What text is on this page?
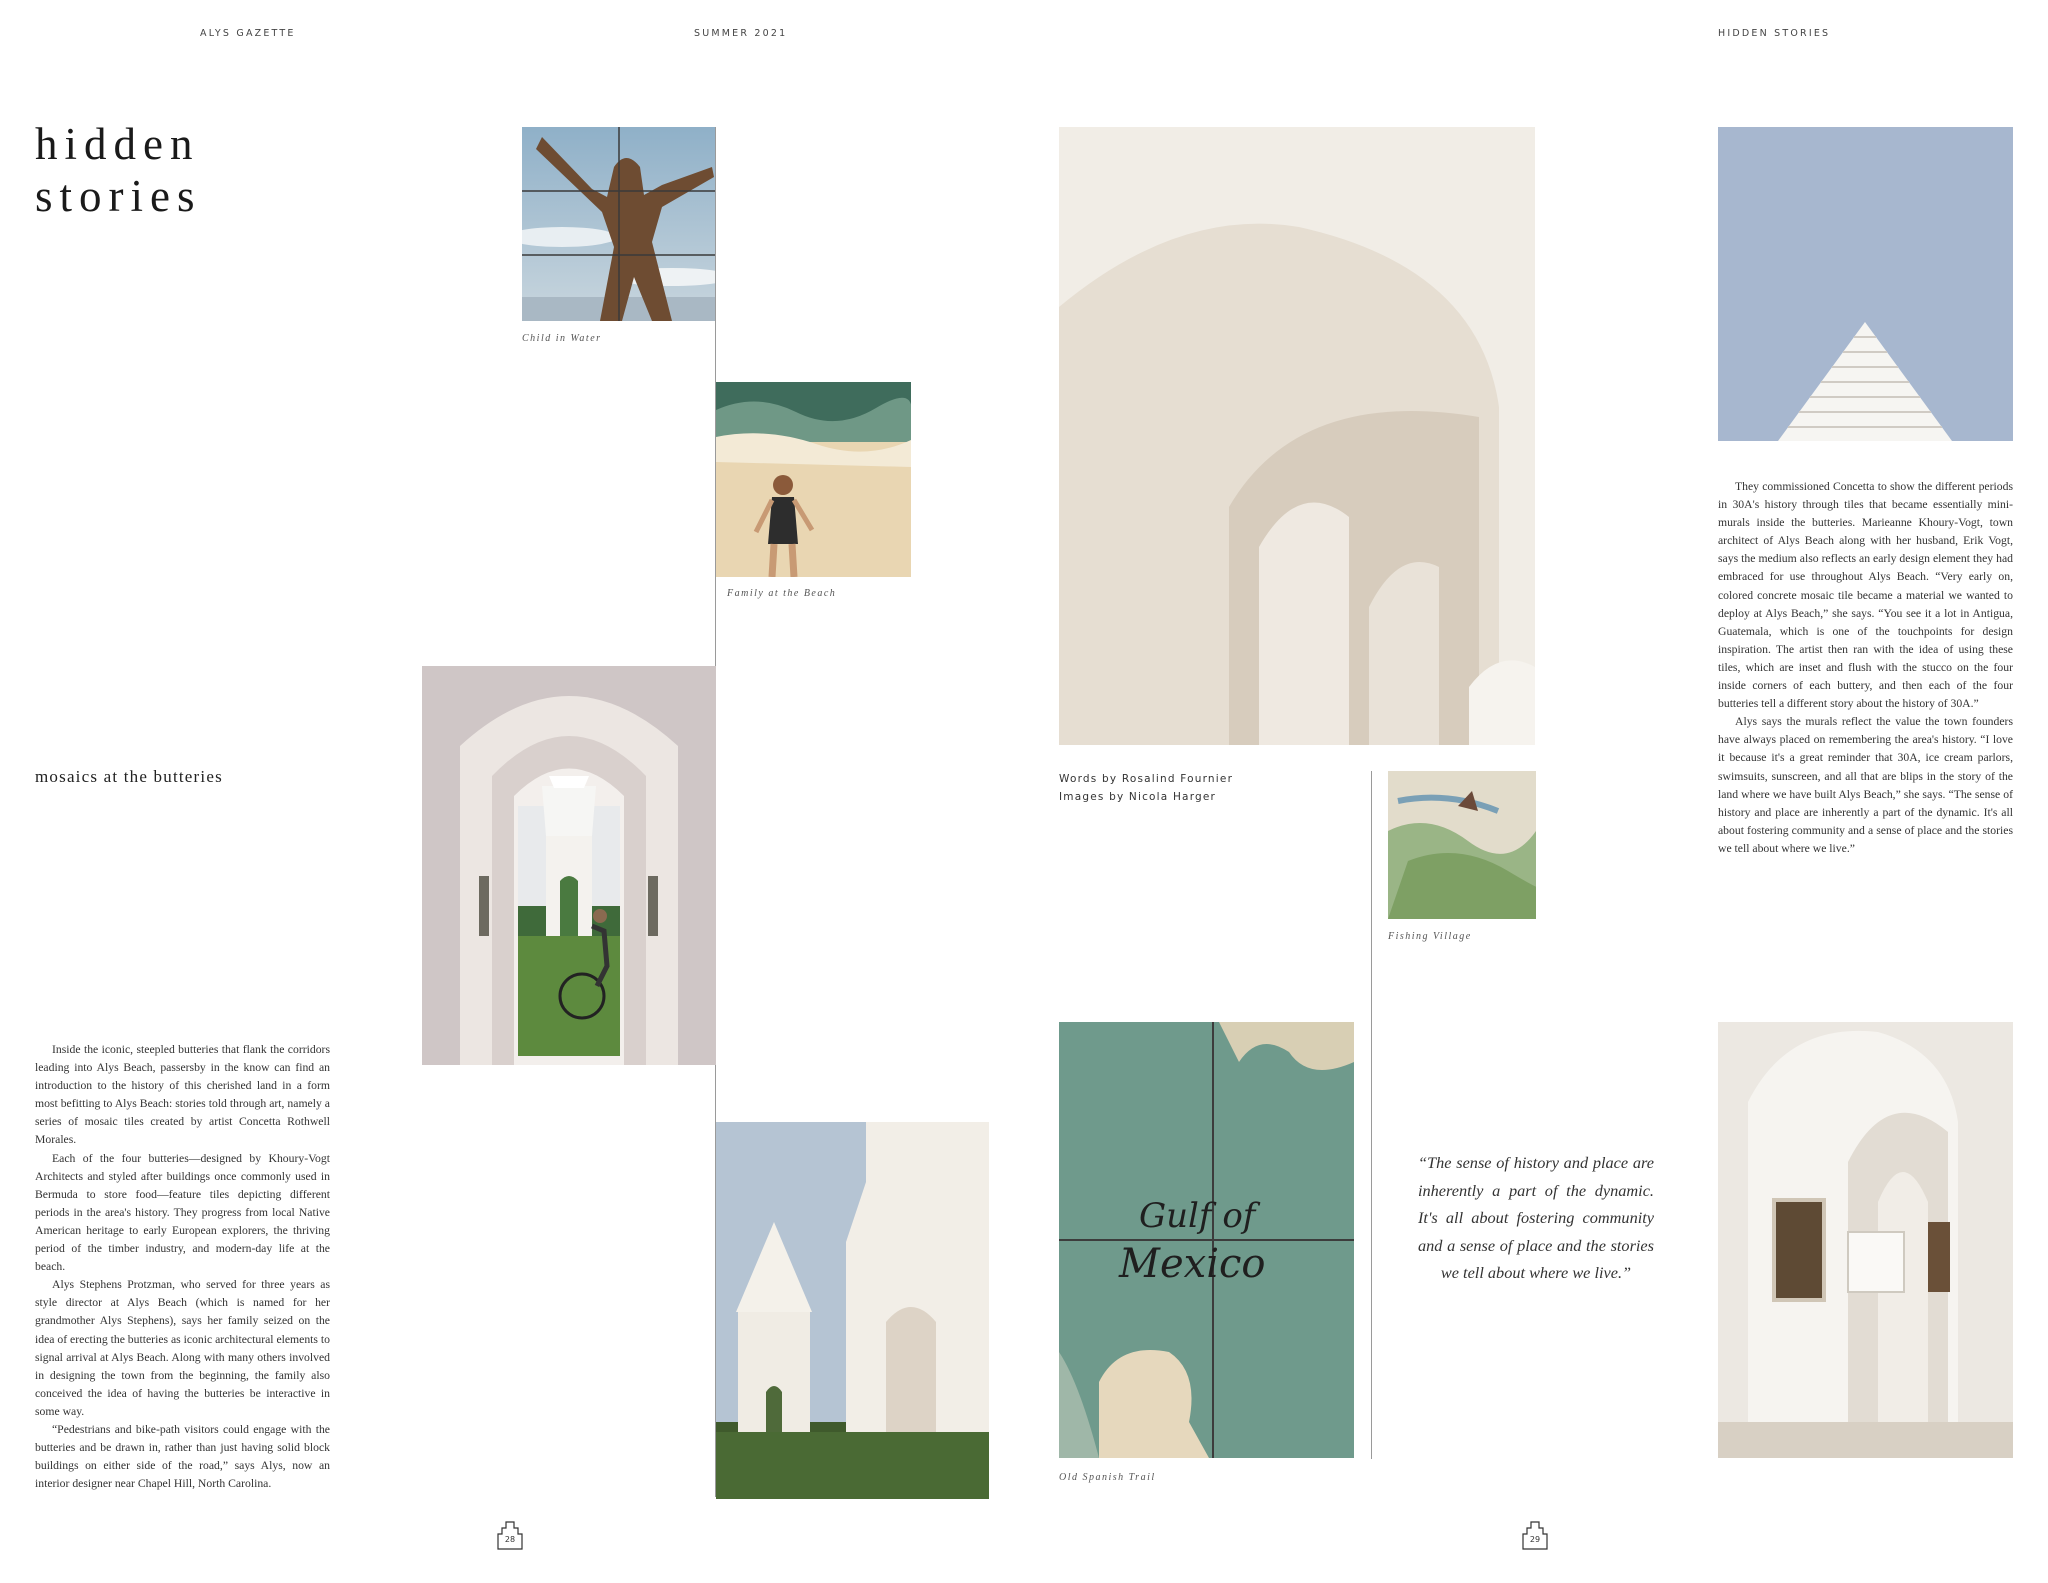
ALYS GAZETTE	SUMMER 2021	HIDDEN STORIES
hidden
stories
mosaics at the butteries
Child in Water
Family at the Beach
Words by Rosalind Fournier
Images by Nicola Harger
Fishing Village

They commissioned Concetta to show the different periods in 30A's history through tiles that became essentially mini-murals inside the butteries. Marieanne Khoury-Vogt, town architect of Alys Beach along with her husband, Erik Vogt, says the medium also reflects an early design element they had embraced for use throughout Alys Beach. “Very early on, colored concrete mosaic tile became a material we wanted to deploy at Alys Beach,” she says. “You see it a lot in Antigua, Guatemala, which is one of the touchpoints for design inspiration. The artist then ran with the idea of using these tiles, which are inset and flush with the stucco on the four inside corners of each buttery, and then each of the four butteries tell a different story about the history of 30A.”

Alys says the murals reflect the value the town founders have always placed on remembering the area's history. “I love it because it's a great reminder that 30A, ice cream parlors, swimsuits, sunscreen, and all that are blips in the story of the land where we have built Alys Beach,” she says. “The sense of history and place are inherently a part of the dynamic. It's all about fostering community and a sense of place and the stories we tell about where we live.”

Inside the iconic, steepled butteries that flank the corridors leading into Alys Beach, passersby in the know can find an introduction to the history of this cherished land in a form most befitting to Alys Beach: stories told through art, namely a series of mosaic tiles created by artist Concetta Rothwell Morales.

Each of the four butteries—designed by Khoury-Vogt Architects and styled after buildings once commonly used in Bermuda to store food—feature tiles depicting different periods in the area's history. They progress from local Native American heritage to early European explorers, the thriving period of the timber industry, and modern-day life at the beach.

Alys Stephens Protzman, who served for three years as style director at Alys Beach (which is named for her grandmother Alys Stephens), says her family seized on the idea of erecting the butteries as iconic architectural elements to signal arrival at Alys Beach. Along with many others involved in designing the town from the beginning, the family also conceived the idea of having the butteries be interactive in some way.

“Pedestrians and bike-path visitors could engage with the butteries and be drawn in, rather than just having solid block buildings on either side of the road,” says Alys, now an interior designer near Chapel Hill, North Carolina.

Gulf of
Mexico
Old Spanish Trail
“The sense of history and place are inherently a part of the dynamic. It's all about fostering community and a sense of place and the stories we tell about where we live.”
28	29
